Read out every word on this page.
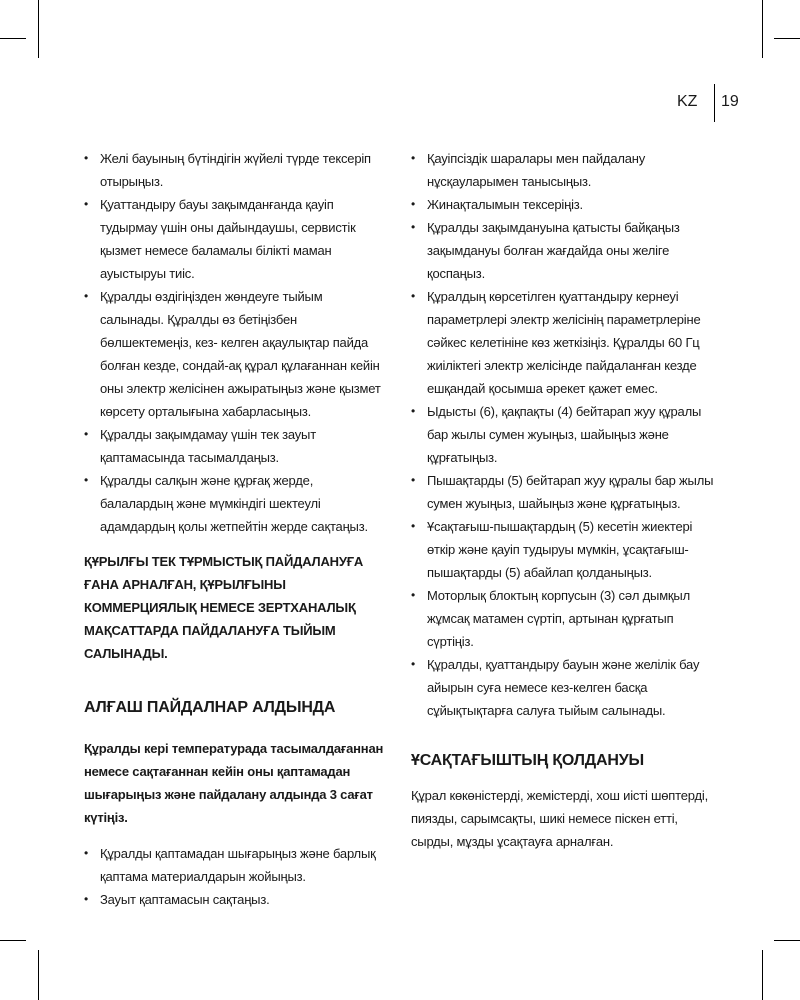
KZ 19
• Желі бауының бүтіндігін жүйелі түрде тексеріп отырыңыз.
• Қуаттандыру бауы зақымданғанда қауіп тудырмау үшін оны дайындаушы, сервистік қызмет немесе баламалы білікті маман ауыстыруы тиіс.
• Құралды өздігіңізден жөндеуге тыйым салынады. Құралды өз бетіңізбен бөлшектемеңіз, кез- келген ақаулықтар пайда болған кезде, сондай-ақ құрал құлағаннан кейін оны электр желісінен ажыратыңыз және қызмет көрсету орталығына хабарласыңыз.
• Құралды зақымдамау үшін тек зауыт қаптамасында тасымалдаңыз.
• Құралды салқын және құрғақ жерде, балалардың және мүмкіндігі шектеулі адамдардың қолы жетпейтін жерде сақтаңыз.

ҚҰРЫЛҒЫ ТЕК ТҰРМЫСТЫҚ ПАЙДАЛАНУҒА ҒАНА АРНАЛҒАН, ҚҰРЫЛҒЫНЫ КОММЕРЦИЯЛЫҚ НЕМЕСЕ ЗЕРТХАНАЛЫҚ МАҚСАТТАРДА ПАЙДАЛАНУҒА ТЫЙЫМ САЛЫНАДЫ.

АЛҒАШ ПАЙДАЛНАР АЛДЫНДА

Құралды кері температурада тасымалдағаннан немесе сақтағаннан кейін оны қаптамадан шығарыңыз және пайдалану алдында 3 сағат күтіңіз.

• Құралды қаптамадан шығарыңыз және барлық қаптама материалдарын жойыңыз.
• Зауыт қаптамасын сақтаңыз.
• Қауіпсіздік шаралары мен пайдалану нұсқауларымен танысыңыз.
• Жинақталымын тексеріңіз.
• Құралды зақымдануына қатысты байқаңыз зақымдануы болған жағдайда оны желіге қоспаңыз.
• Құралдың көрсетілген қуаттандыру кернеуі параметрлері электр желісінің параметрлеріне сәйкес келетініне көз жеткізіңіз. Құралды 60 Гц жиіліктегі электр желісінде пайдаланған кезде ешқандай қосымша әрекет қажет емес.
• Ыдысты (6), қақпақты (4) бейтарап жуу құралы бар жылы сумен жуыңыз, шайыңыз және құрғатыңыз.
• Пышақтарды (5) бейтарап жуу құралы бар жылы сумен жуыңыз, шайыңыз және құрғатыңыз.
• Ұсақтағыш-пышақтардың (5) кесетін жиектері өткір және қауіп тудыруы мүмкін, ұсақтағыш-пышақтарды (5) абайлап қолданыңыз.
• Моторлық блоктың корпусын (3) сәл дымқыл жұмсақ матамен сүртіп, артынан құрғатып сүртіңіз.
• Құралды, қуаттандыру бауын және желілік бау айырын суға немесе кез-келген басқа сұйықтықтарға салуға тыйым салынады.
ҰСАҚТАҒЫШТЫҢ ҚОЛДАНУЫ

Құрал көкөністерді, жемістерді, хош иісті шөптерді, пиязды, сарымсақты, шикі немесе піскен етті, сырды, мұзды ұсақтауға арналған.
